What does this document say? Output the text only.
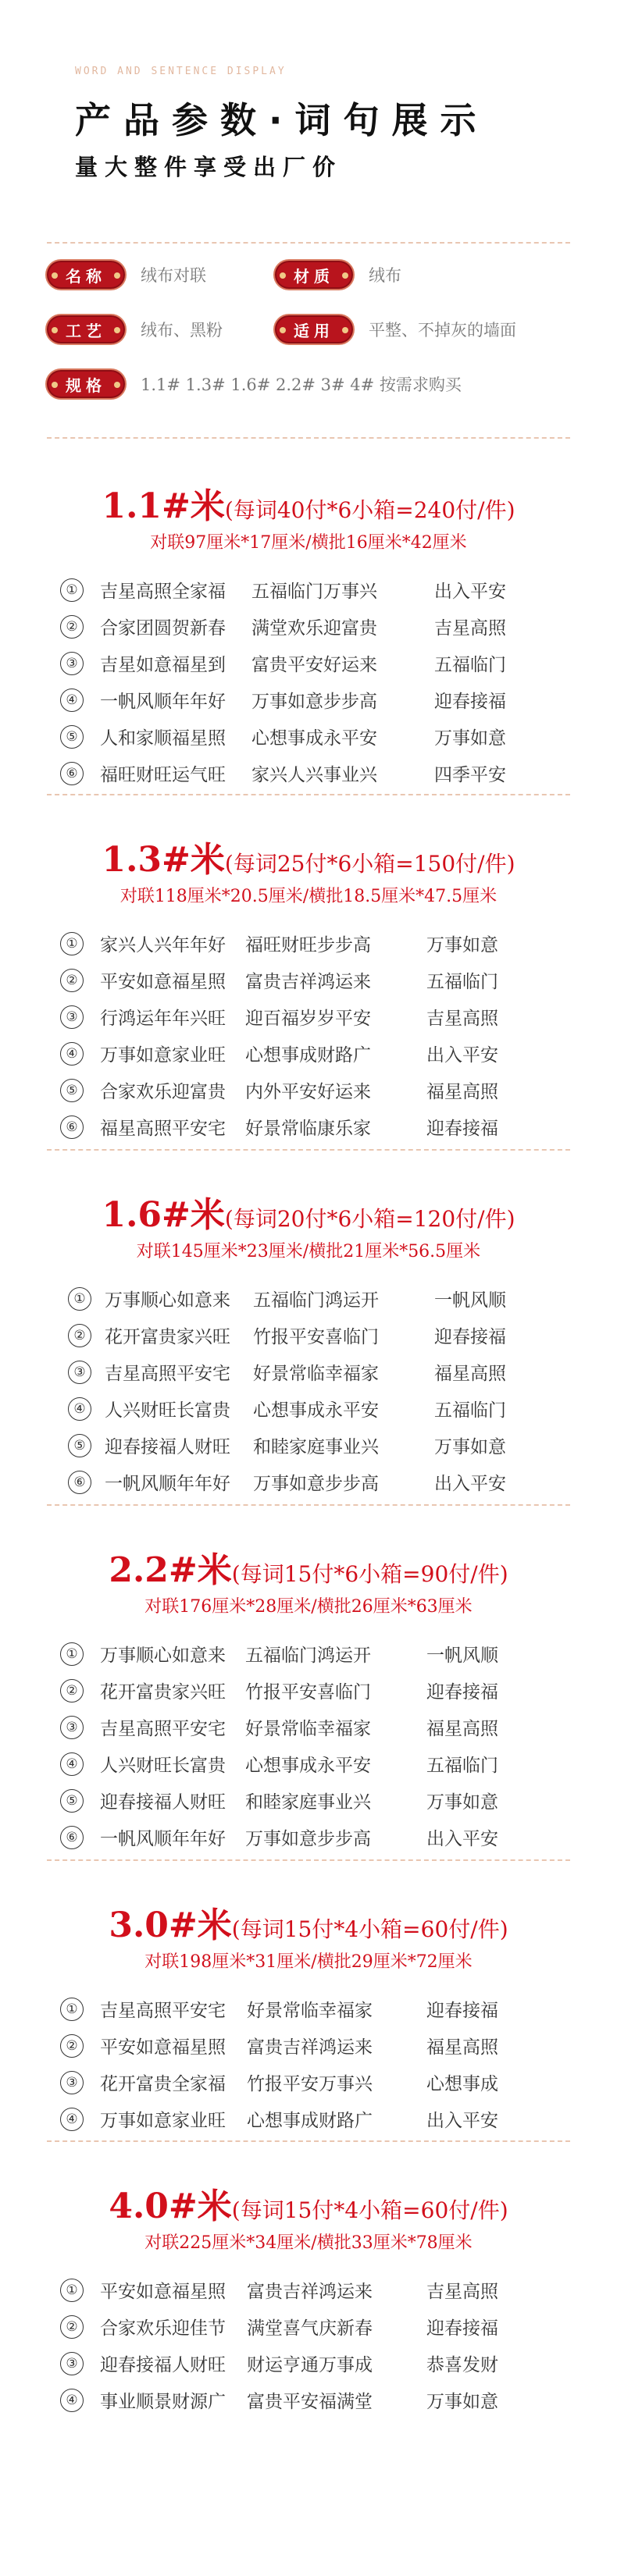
WORD AND SENTENCE DISPLAY
产品参数·词句展示
量大整件享受出厂价
名称	绒布对联	材质	绒布
工艺	绒布、黑粉	适用	平整、不掉灰的墙面
规格	1.1# 1.3# 1.6# 2.2# 3# 4# 按需求购买
1.1#米(每词40付*6小箱=240付/件)
对联97厘米*17厘米/横批16厘米*42厘米
①	吉星高照全家福 五福临门万事兴	出入平安
②	合家团圆贺新春 满堂欢乐迎富贵	吉星高照
③	吉星如意福星到 富贵平安好运来	五福临门
④	一帆风顺年年好 万事如意步步高	迎春接福
⑤	人和家顺福星照 心想事成永平安	万事如意
⑥	福旺财旺运气旺 家兴人兴事业兴	四季平安
1.3#米(每词25付*6小箱=150付/件)
对联118厘米*20.5厘米/横批18.5厘米*47.5厘米
①	家兴人兴年年好 福旺财旺步步高	万事如意
②	平安如意福星照 富贵吉祥鸿运来	五福临门
③	行鸿运年年兴旺 迎百福岁岁平安	吉星高照
④	万事如意家业旺 心想事成财路广	出入平安
⑤	合家欢乐迎富贵 内外平安好运来	福星高照
⑥	福星高照平安宅 好景常临康乐家	迎春接福
1.6#米(每词20付*6小箱=120付/件)
对联145厘米*23厘米/横批21厘米*56.5厘米
①	万事顺心如意来 五福临门鸿运开	一帆风顺
②	花开富贵家兴旺 竹报平安喜临门	迎春接福
③	吉星高照平安宅 好景常临幸福家	福星高照
④	人兴财旺长富贵 心想事成永平安	五福临门
⑤	迎春接福人财旺 和睦家庭事业兴	万事如意
⑥	一帆风顺年年好 万事如意步步高	出入平安
2.2#米(每词15付*6小箱=90付/件)
对联176厘米*28厘米/横批26厘米*63厘米
①	万事顺心如意来 五福临门鸿运开	一帆风顺
②	花开富贵家兴旺 竹报平安喜临门	迎春接福
③	吉星高照平安宅 好景常临幸福家	福星高照
④	人兴财旺长富贵 心想事成永平安	五福临门
⑤	迎春接福人财旺 和睦家庭事业兴	万事如意
⑥	一帆风顺年年好 万事如意步步高	出入平安
3.0#米(每词15付*4小箱=60付/件)
对联198厘米*31厘米/横批29厘米*72厘米
①	吉星高照平安宅 好景常临幸福家	迎春接福
②	平安如意福星照 富贵吉祥鸿运来	福星高照
③	花开富贵全家福 竹报平安万事兴	心想事成
④	万事如意家业旺 心想事成财路广	出入平安
4.0#米(每词15付*4小箱=60付/件)
对联225厘米*34厘米/横批33厘米*78厘米
①	平安如意福星照 富贵吉祥鸿运来	吉星高照
②	合家欢乐迎佳节 满堂喜气庆新春	迎春接福
③	迎春接福人财旺 财运亨通万事成	恭喜发财
④	事业顺景财源广 富贵平安福满堂	万事如意
